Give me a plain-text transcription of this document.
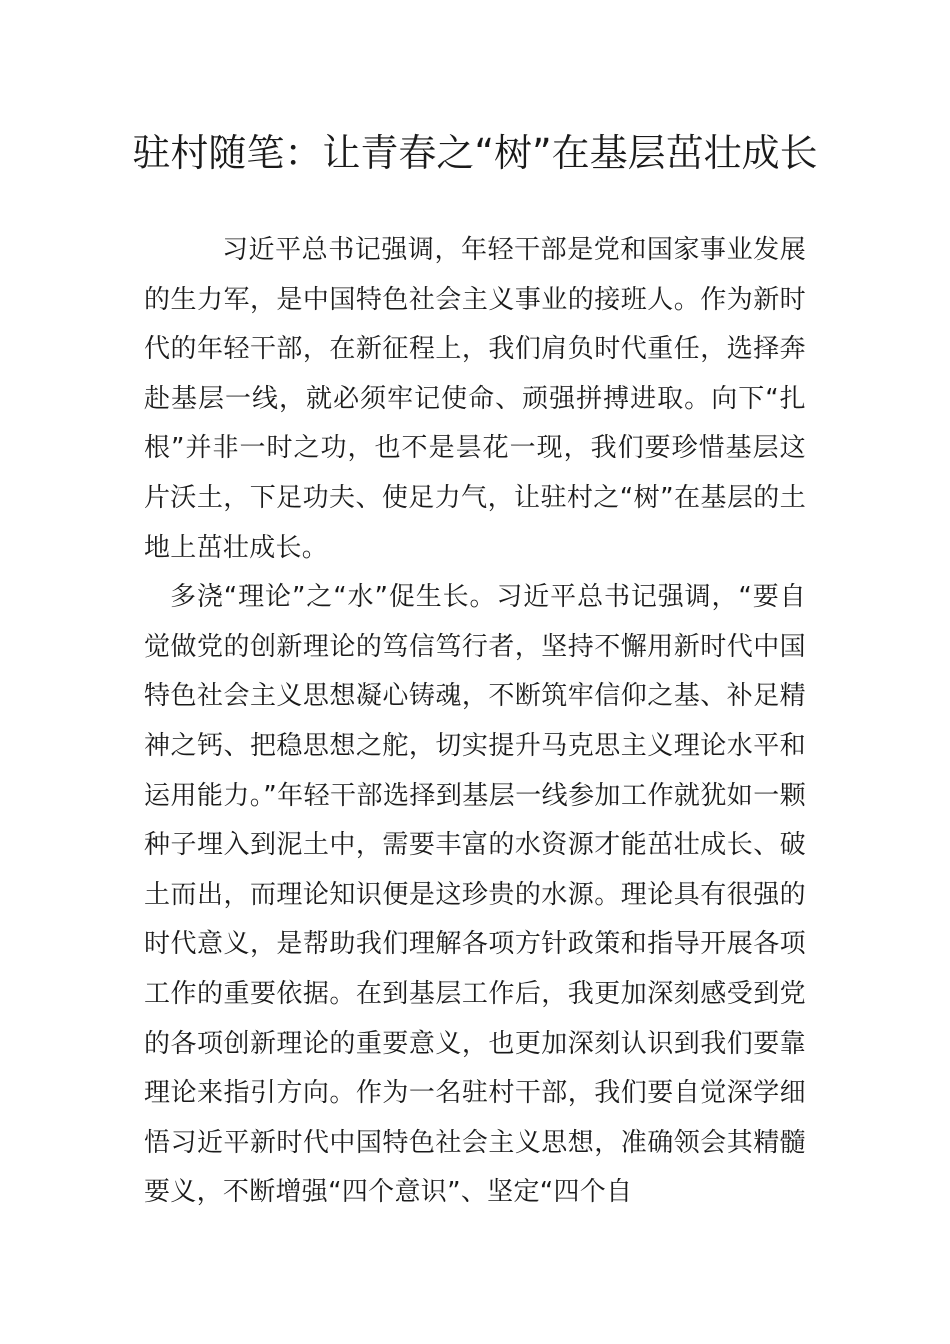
驻村随笔：让青春之“树”在基层茁壮成长

习近平总书记强调，年轻干部是党和国家事业发展的生力军，是中国特色社会主义事业的接班人。作为新时代的年轻干部，在新征程上，我们肩负时代重任，选择奔赴基层一线，就必须牢记使命、顽强拼搏进取。向下“扎根”并非一时之功，也不是昙花一现，我们要珍惜基层这片沃土，下足功夫、使足力气，让驻村之“树”在基层的土地上茁壮成长。

多浇“理论”之“水”促生长。习近平总书记强调，“要自觉做党的创新理论的笃信笃行者，坚持不懈用新时代中国特色社会主义思想凝心铸魂，不断筑牢信仰之基、补足精神之钙、把稳思想之舵，切实提升马克思主义理论水平和运用能力。”年轻干部选择到基层一线参加工作就犹如一颗种子埋入到泥土中，需要丰富的水资源才能茁壮成长、破土而出，而理论知识便是这珍贵的水源。理论具有很强的时代意义，是帮助我们理解各项方针政策和指导开展各项工作的重要依据。在到基层工作后，我更加深刻感受到党的各项创新理论的重要意义，也更加深刻认识到我们要靠理论来指引方向。作为一名驻村干部，我们要自觉深学细悟习近平新时代中国特色社会主义思想，准确领会其精髓要义，不断增强“四个意识”、坚定“四个自
